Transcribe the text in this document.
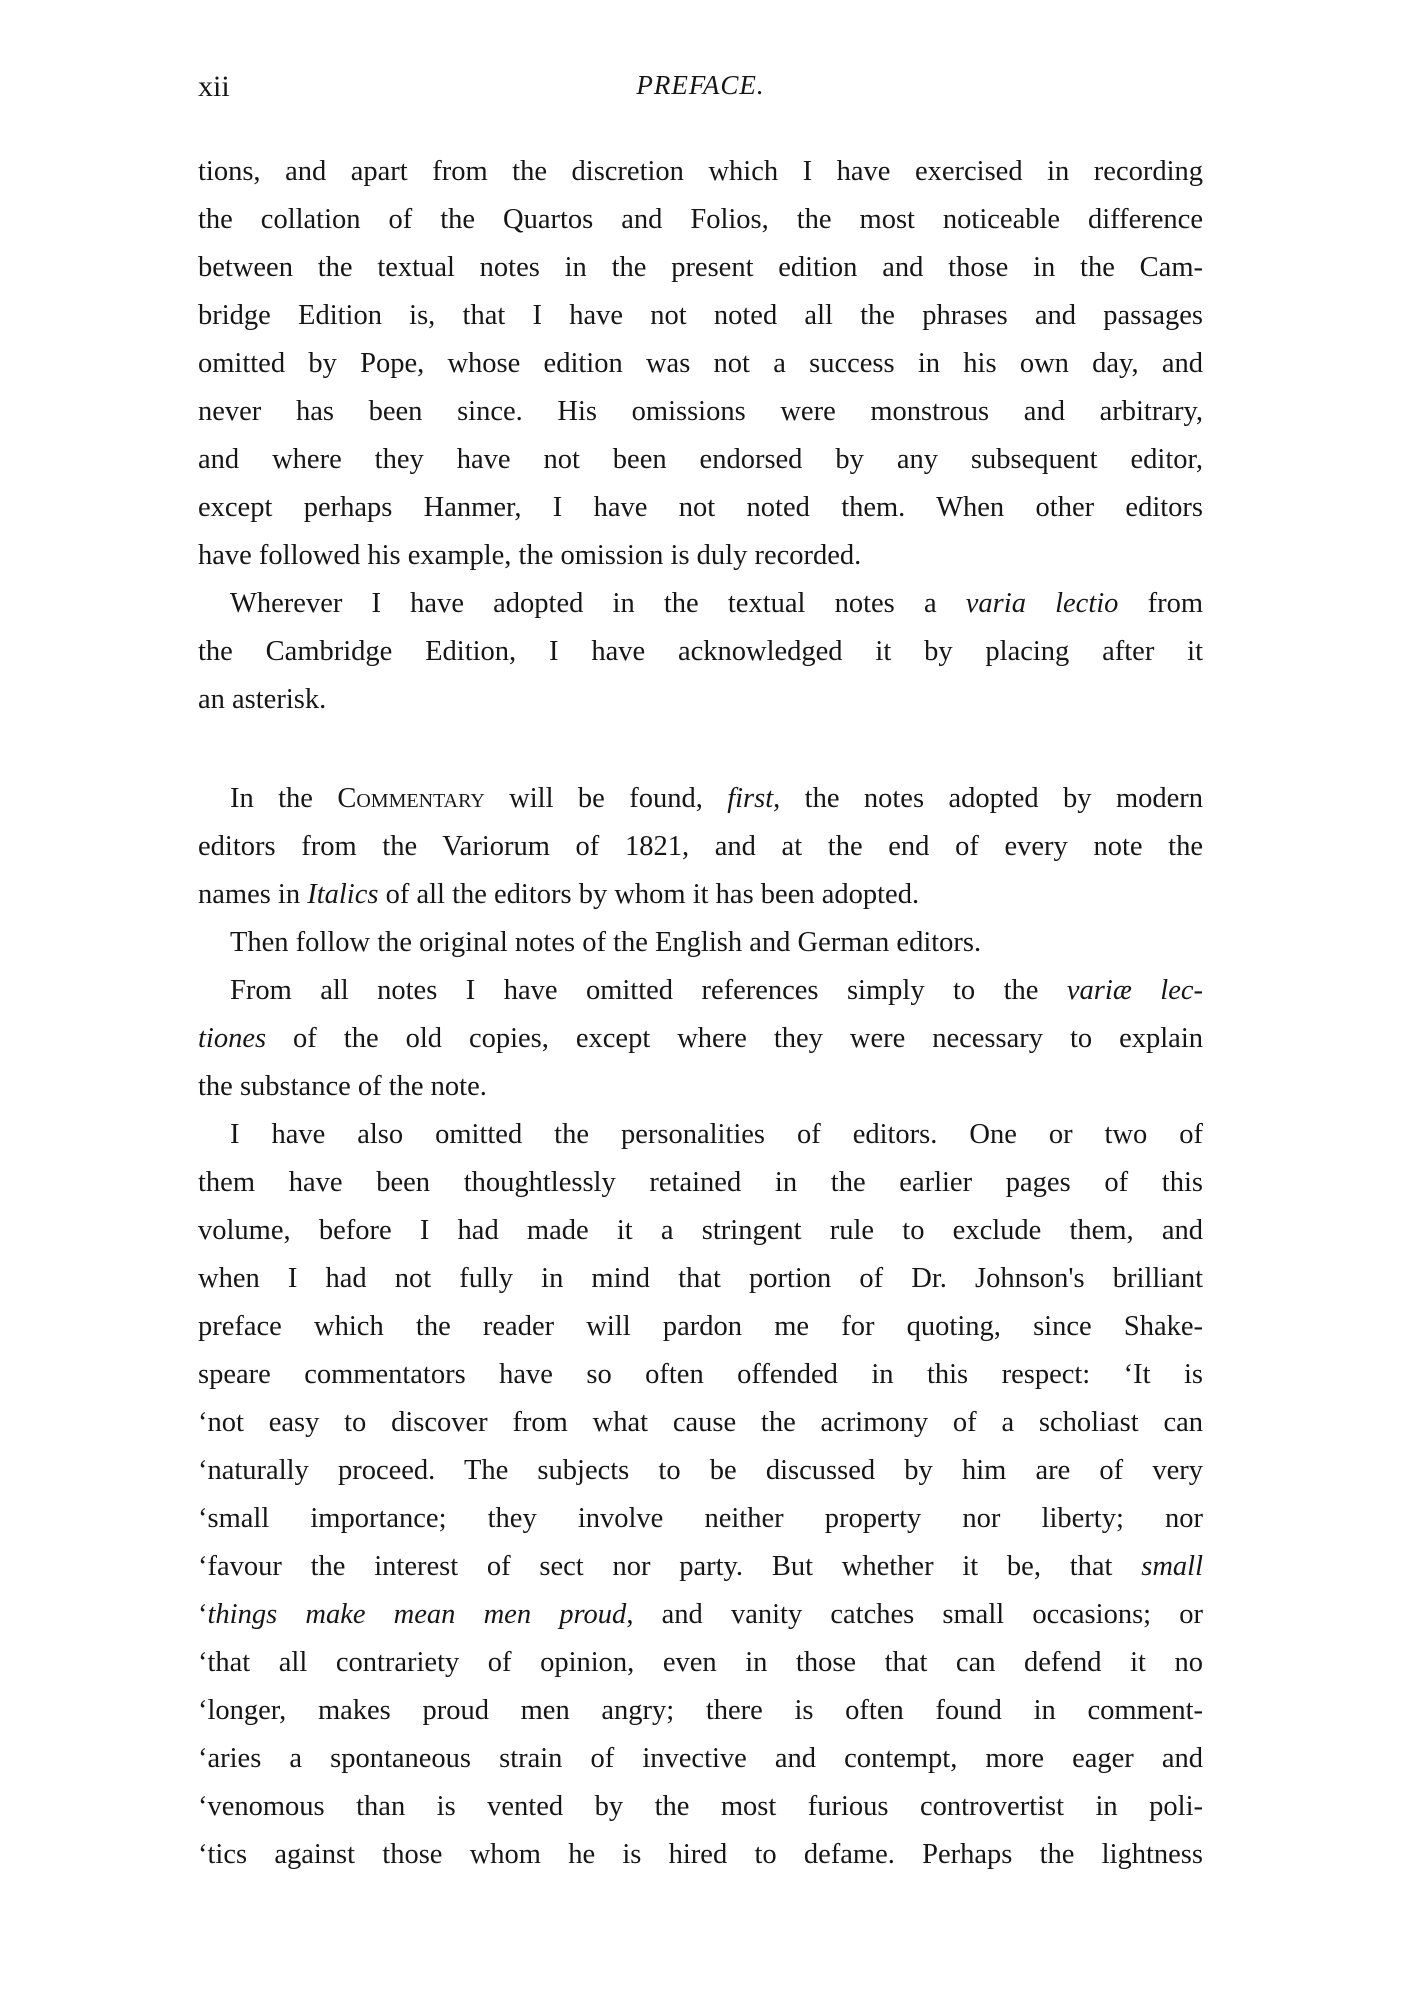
xii	PREFACE.
tions, and apart from the discretion which I have exercised in recording
the collation of the Quartos and Folios, the most noticeable difference
between the textual notes in the present edition and those in the Cam-
bridge Edition is, that I have not noted all the phrases and passages
omitted by Pope, whose edition was not a success in his own day, and
never has been since. His omissions were monstrous and arbitrary,
and where they have not been endorsed by any subsequent editor,
except perhaps Hanmer, I have not noted them. When other editors
have followed his example, the omission is duly recorded.
Wherever I have adopted in the textual notes a varia lectio from
the Cambridge Edition, I have acknowledged it by placing after it
an asterisk.
In the Commentary will be found, first, the notes adopted by modern
editors from the Variorum of 1821, and at the end of every note the
names in Italics of all the editors by whom it has been adopted.
Then follow the original notes of the English and German editors.
From all notes I have omitted references simply to the variæ lec-
tiones of the old copies, except where they were necessary to explain
the substance of the note.
I have also omitted the personalities of editors. One or two of
them have been thoughtlessly retained in the earlier pages of this
volume, before I had made it a stringent rule to exclude them, and
when I had not fully in mind that portion of Dr. Johnson's brilliant
preface which the reader will pardon me for quoting, since Shake-
speare commentators have so often offended in this respect: ‘It is
‘not easy to discover from what cause the acrimony of a scholiast can
‘naturally proceed. The subjects to be discussed by him are of very
‘small importance; they involve neither property nor liberty; nor
‘favour the interest of sect nor party. But whether it be, that small
‘things make mean men proud, and vanity catches small occasions; or
‘that all contrariety of opinion, even in those that can defend it no
‘longer, makes proud men angry; there is often found in comment-
‘aries a spontaneous strain of invective and contempt, more eager and
‘venomous than is vented by the most furious controvertist in poli-
‘tics against those whom he is hired to defame. Perhaps the lightness
